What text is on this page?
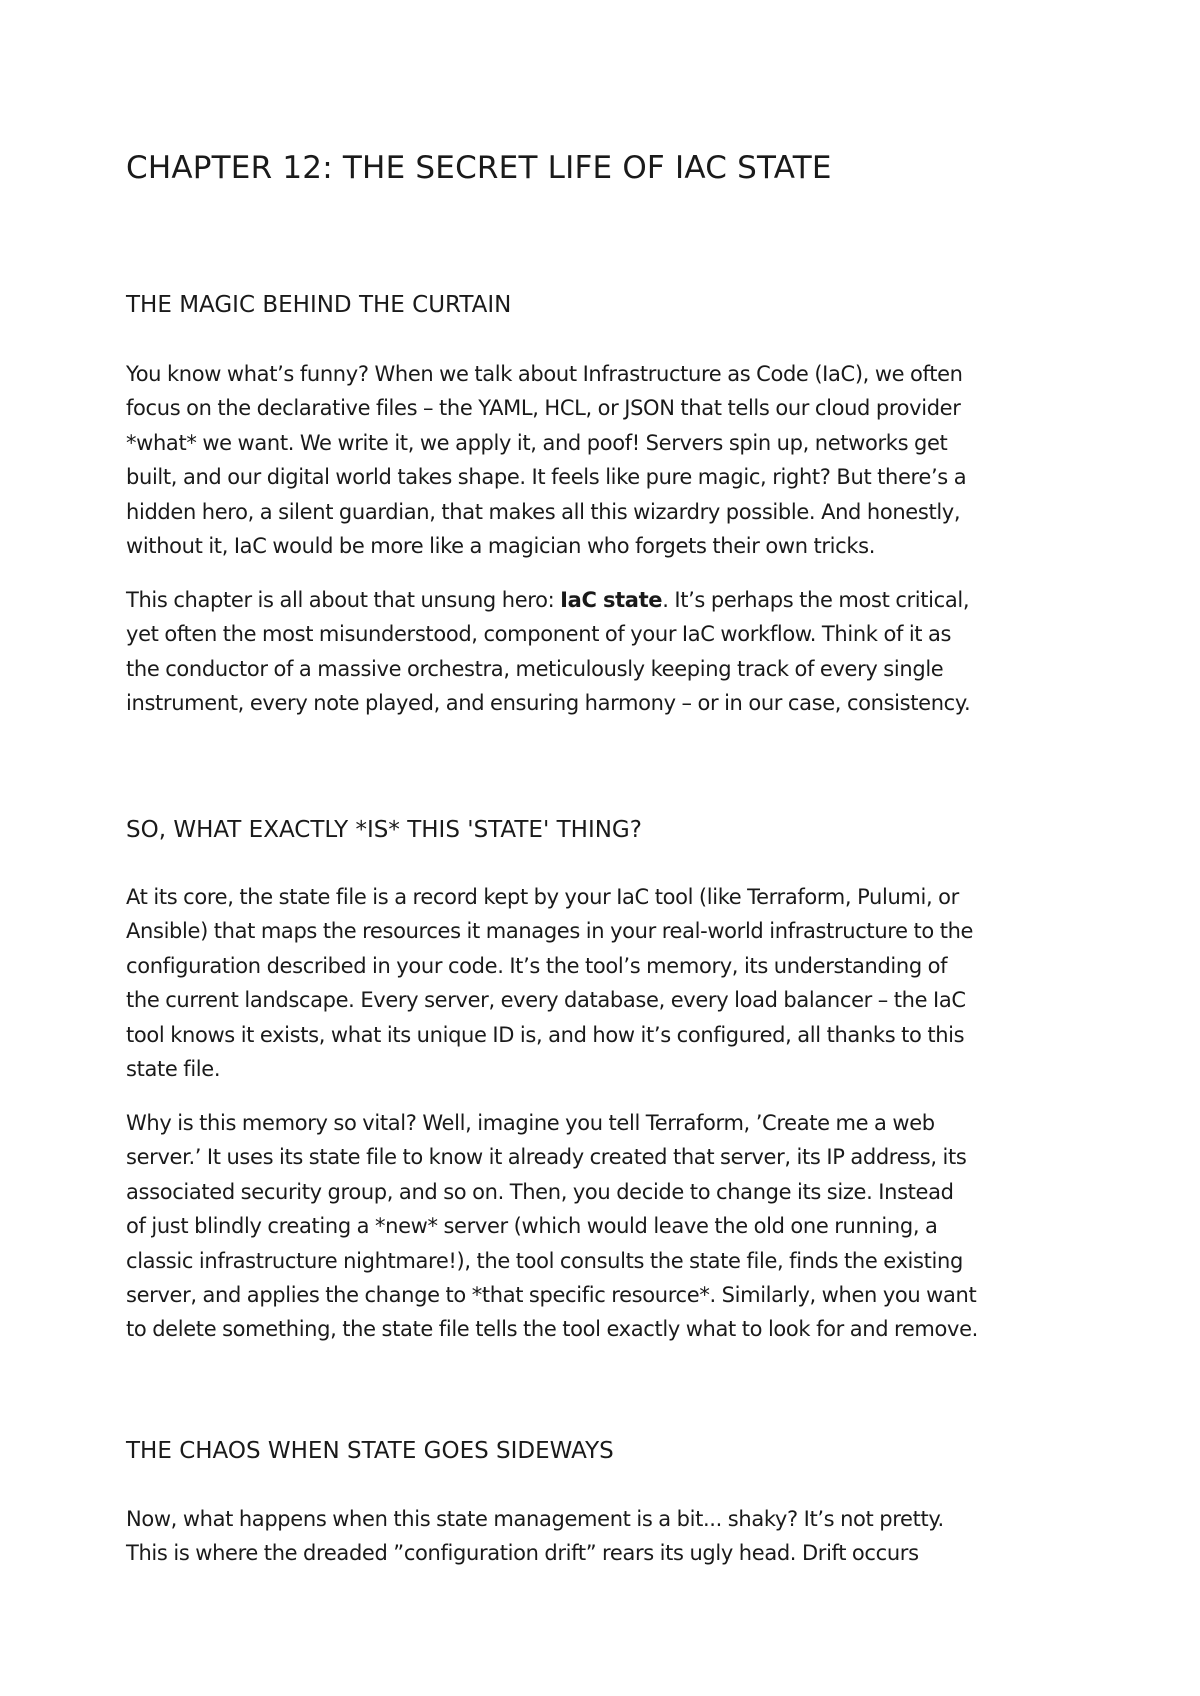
CHAPTER 12: THE SECRET LIFE OF IAC STATE
THE MAGIC BEHIND THE CURTAIN

You know what’s funny? When we talk about Infrastructure as Code (IaC), we often
focus on the declarative files – the YAML, HCL, or JSON that tells our cloud provider
*what* we want. We write it, we apply it, and poof! Servers spin up, networks get
built, and our digital world takes shape. It feels like pure magic, right? But there’s a
hidden hero, a silent guardian, that makes all this wizardry possible. And honestly,
without it, IaC would be more like a magician who forgets their own tricks.

This chapter is all about that unsung hero: IaC state. It’s perhaps the most critical,
yet often the most misunderstood, component of your IaC workflow. Think of it as
the conductor of a massive orchestra, meticulously keeping track of every single
instrument, every note played, and ensuring harmony – or in our case, consistency.

SO, WHAT EXACTLY *IS* THIS 'STATE' THING?

At its core, the state file is a record kept by your IaC tool (like Terraform, Pulumi, or
Ansible) that maps the resources it manages in your real-world infrastructure to the
configuration described in your code. It’s the tool’s memory, its understanding of
the current landscape. Every server, every database, every load balancer – the IaC
tool knows it exists, what its unique ID is, and how it’s configured, all thanks to this
state file.

Why is this memory so vital? Well, imagine you tell Terraform, ’Create me a web
server.’ It uses its state file to know it already created that server, its IP address, its
associated security group, and so on. Then, you decide to change its size. Instead
of just blindly creating a *new* server (which would leave the old one running, a
classic infrastructure nightmare!), the tool consults the state file, finds the existing
server, and applies the change to *that specific resource*. Similarly, when you want
to delete something, the state file tells the tool exactly what to look for and remove.

THE CHAOS WHEN STATE GOES SIDEWAYS

Now, what happens when this state management is a bit... shaky? It’s not pretty.
This is where the dreaded ”configuration drift” rears its ugly head. Drift occurs
